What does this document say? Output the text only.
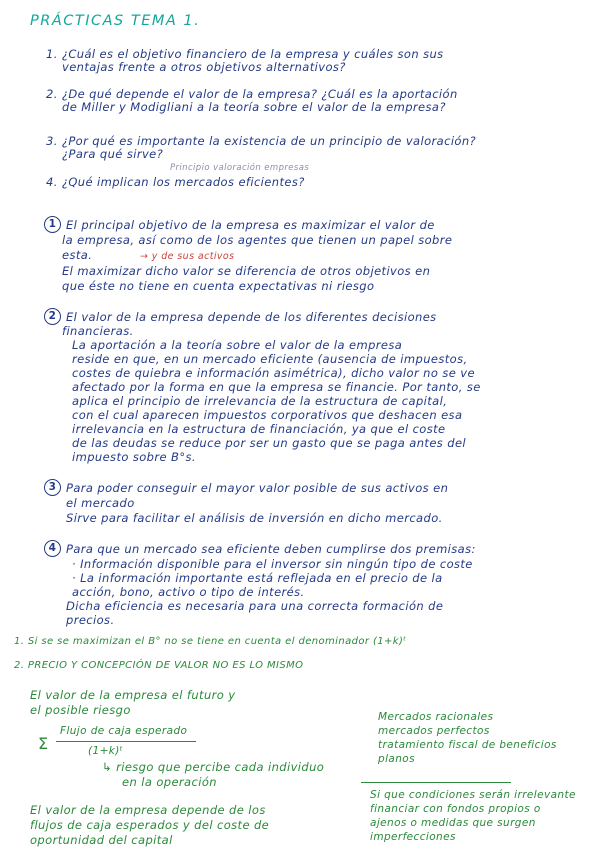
PRÁCTICAS TEMA 1.
1. ¿Cuál es el objetivo financiero de la empresa y cuáles son sus
ventajas frente a otros objetivos alternativos?
2. ¿De qué depende el valor de la empresa? ¿Cuál es la aportación
de Miller y Modigliani a la teoría sobre el valor de la empresa?
3. ¿Por qué es importante la existencia de un principio de valoración?
¿Para qué sirve?
Principio valoración empresas
4. ¿Qué implican los mercados eficientes?
1 El principal objetivo de la empresa es maximizar el valor de
la empresa, así como de los agentes que tienen un papel sobre
esta.	→ y de sus activos
El maximizar dicho valor se diferencia de otros objetivos en
que éste no tiene en cuenta expectativas ni riesgo
2 El valor de la empresa depende de los diferentes decisiones
financieras.
La aportación a la teoría sobre el valor de la empresa
reside en que, en un mercado eficiente (ausencia de impuestos,
costes de quiebra e información asimétrica), dicho valor no se ve
afectado por la forma en que la empresa se financie. Por tanto, se
aplica el principio de irrelevancia de la estructura de capital,
con el cual aparecen impuestos corporativos que deshacen esa
irrelevancia en la estructura de financiación, ya que el coste
de las deudas se reduce por ser un gasto que se paga antes del
impuesto sobre B°s.
3 Para poder conseguir el mayor valor posible de sus activos en
el mercado
Sirve para facilitar el análisis de inversión en dicho mercado.
4 Para que un mercado sea eficiente deben cumplirse dos premisas:
· Información disponible para el inversor sin ningún tipo de coste
· La información importante está reflejada en el precio de la
acción, bono, activo o tipo de interés.
Dicha eficiencia es necesaria para una correcta formación de
precios.
1. Si se se maximizan el B° no se tiene en cuenta el denominador (1+k)ᵗ
2. PRECIO Y CONCEPCIÓN DE VALOR NO ES LO MISMO
El valor de la empresa el futuro y
el posible riesgo
Σ
Flujo de caja esperado
(1+k)ᵗ
↳ riesgo que percibe cada individuo
en la operación
El valor de la empresa depende de los
flujos de caja esperados y del coste de
oportunidad del capital
Mercados racionales
mercados perfectos
tratamiento fiscal de beneficios
planos
Si que condiciones serán irrelevante
financiar con fondos propios o
ajenos o medidas que surgen
imperfecciones
